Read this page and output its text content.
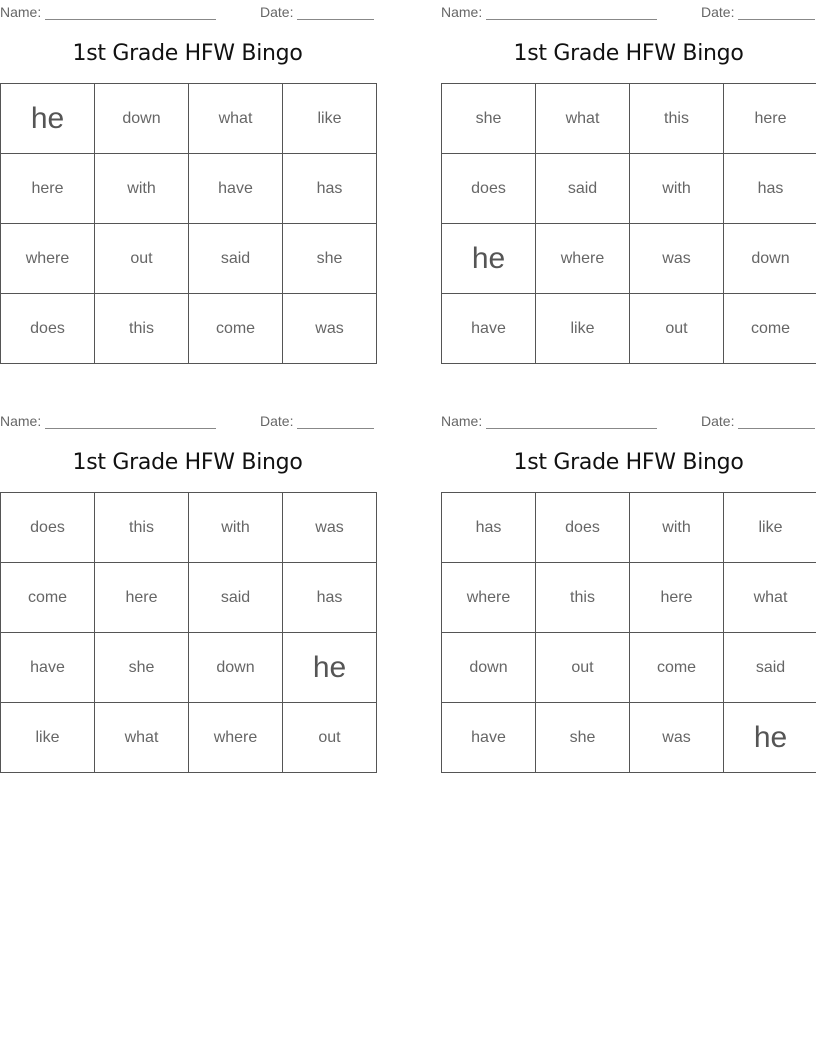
Name:	Date:
1st Grade HFW Bingo
he	down	what	like
here	with	have	has
where	out	said	she
does	this	come	was
Name:	Date:
1st Grade HFW Bingo
she	what	this	here
does	said	with	has
he	where	was	down
have	like	out	come
Name:	Date:
1st Grade HFW Bingo
does	this	with	was
come	here	said	has
have	she	down	he
like	what	where	out
Name:	Date:
1st Grade HFW Bingo
has	does	with	like
where	this	here	what
down	out	come	said
have	she	was	he
